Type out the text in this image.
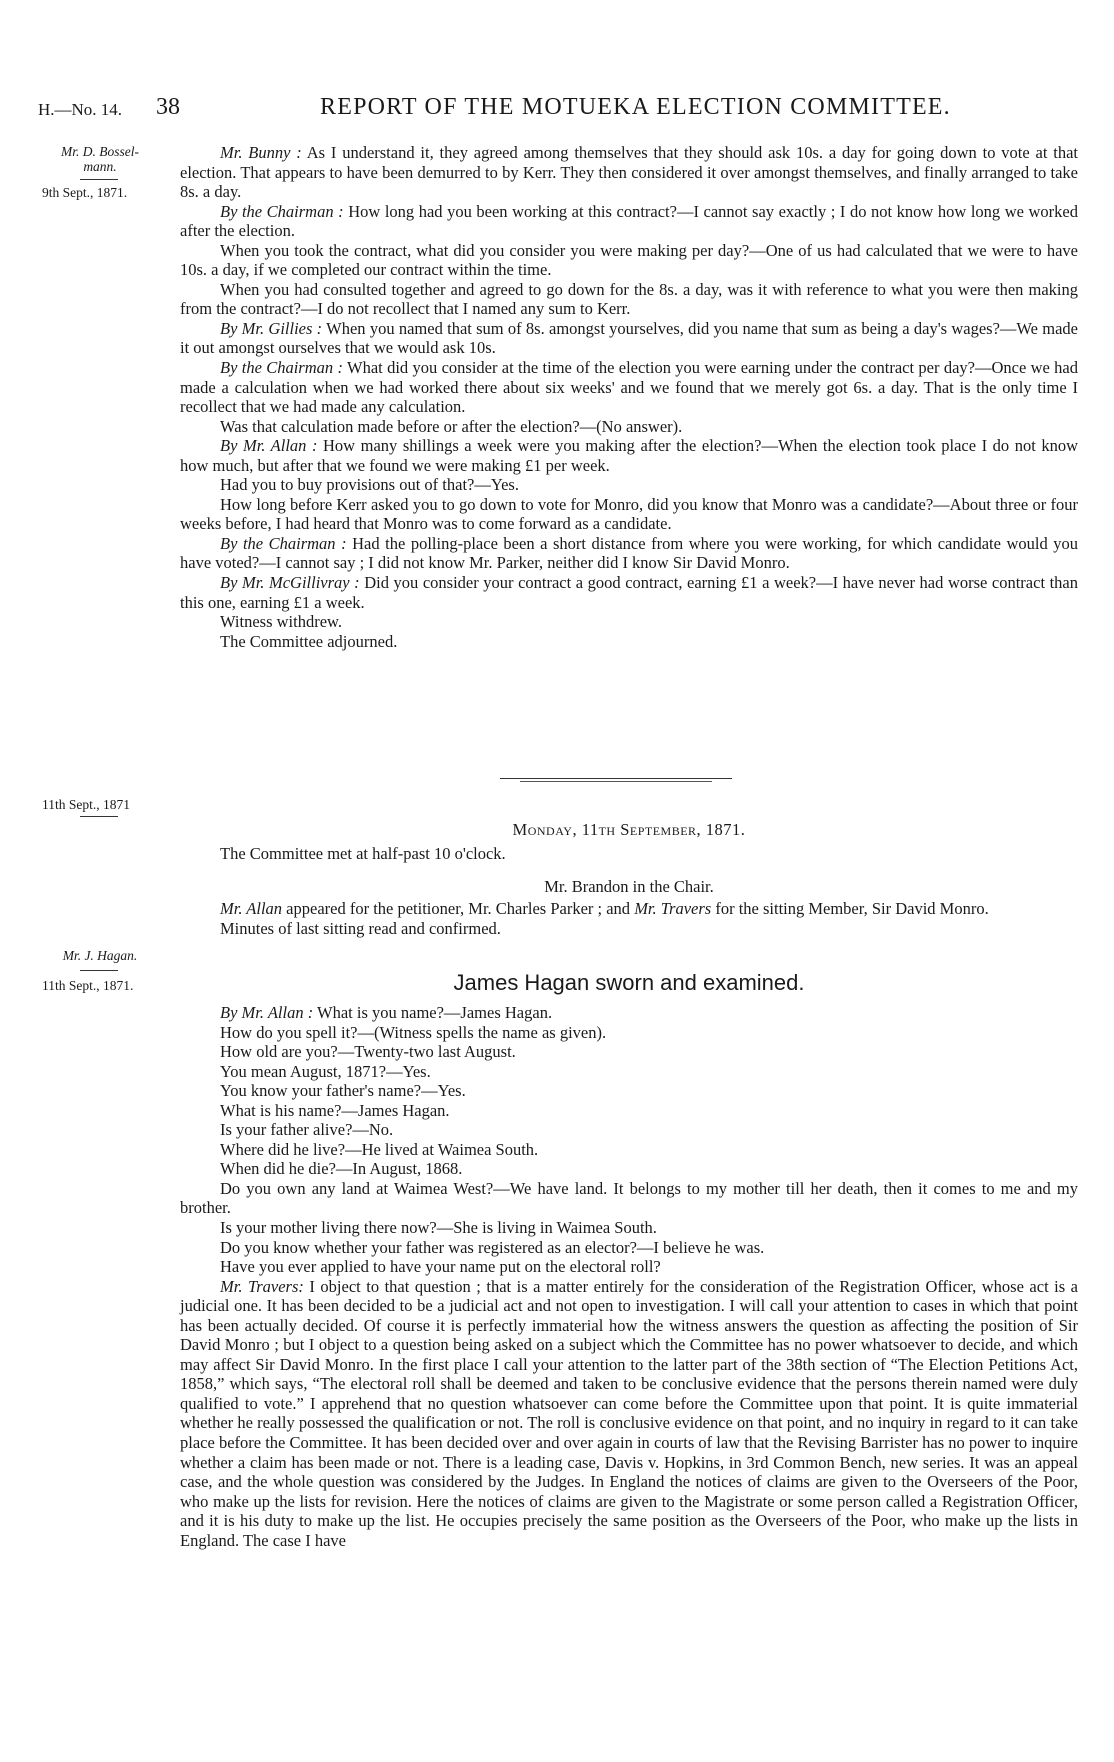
H.—No. 14. 38	REPORT OF THE MOTUEKA ELECTION COMMITTEE.
Mr. D. Bossel-
mann.
9th Sept., 1871.
11th Sept., 1871
Mr. J. Hagan.
11th Sept., 1871.

Mr. Bunny : As I understand it, they agreed among themselves that they should ask 10s. a day for going down to vote at that election. That appears to have been demurred to by Kerr. They then considered it over amongst themselves, and finally arranged to take 8s. a day.

By the Chairman : How long had you been working at this contract?—I cannot say exactly ; I do not know how long we worked after the election.

When you took the contract, what did you consider you were making per day?—One of us had calculated that we were to have 10s. a day, if we completed our contract within the time.

When you had consulted together and agreed to go down for the 8s. a day, was it with reference to what you were then making from the contract?—I do not recollect that I named any sum to Kerr.

By Mr. Gillies : When you named that sum of 8s. amongst yourselves, did you name that sum as being a day's wages?—We made it out amongst ourselves that we would ask 10s.

By the Chairman : What did you consider at the time of the election you were earning under the contract per day?—Once we had made a calculation when we had worked there about six weeks' and we found that we merely got 6s. a day. That is the only time I recollect that we had made any calculation.

Was that calculation made before or after the election?—(No answer).

By Mr. Allan : How many shillings a week were you making after the election?—When the election took place I do not know how much, but after that we found we were making £1 per week.

Had you to buy provisions out of that?—Yes.

How long before Kerr asked you to go down to vote for Monro, did you know that Monro was a candidate?—About three or four weeks before, I had heard that Monro was to come forward as a candidate.

By the Chairman : Had the polling-place been a short distance from where you were working, for which candidate would you have voted?—I cannot say ; I did not know Mr. Parker, neither did I know Sir David Monro.

By Mr. McGillivray : Did you consider your contract a good contract, earning £1 a week?—I have never had worse contract than this one, earning £1 a week.

Witness withdrew.

The Committee adjourned.

Monday, 11th September, 1871.

The Committee met at half-past 10 o'clock.

Mr. Brandon in the Chair.

Mr. Allan appeared for the petitioner, Mr. Charles Parker ; and Mr. Travers for the sitting Member, Sir David Monro.

Minutes of last sitting read and confirmed.

James Hagan sworn and examined.

By Mr. Allan : What is you name?—James Hagan.

How do you spell it?—(Witness spells the name as given).

How old are you?—Twenty-two last August.

You mean August, 1871?—Yes.

You know your father's name?—Yes.

What is his name?—James Hagan.

Is your father alive?—No.

Where did he live?—He lived at Waimea South.

When did he die?—In August, 1868.

Do you own any land at Waimea West?—We have land. It belongs to my mother till her death, then it comes to me and my brother.

Is your mother living there now?—She is living in Waimea South.

Do you know whether your father was registered as an elector?—I believe he was.

Have you ever applied to have your name put on the electoral roll?

Mr. Travers: I object to that question ; that is a matter entirely for the consideration of the Registration Officer, whose act is a judicial one. It has been decided to be a judicial act and not open to investigation. I will call your attention to cases in which that point has been actually decided. Of course it is perfectly immaterial how the witness answers the question as affecting the position of Sir David Monro ; but I object to a question being asked on a subject which the Committee has no power whatsoever to decide, and which may affect Sir David Monro. In the first place I call your attention to the latter part of the 38th section of “The Election Petitions Act, 1858,” which says, “The electoral roll shall be deemed and taken to be conclusive evidence that the persons therein named were duly qualified to vote.” I apprehend that no question whatsoever can come before the Committee upon that point. It is quite immaterial whether he really possessed the qualification or not. The roll is conclusive evidence on that point, and no inquiry in regard to it can take place before the Committee. It has been decided over and over again in courts of law that the Revising Barrister has no power to inquire whether a claim has been made or not. There is a leading case, Davis v. Hopkins, in 3rd Common Bench, new series. It was an appeal case, and the whole question was considered by the Judges. In England the notices of claims are given to the Overseers of the Poor, who make up the lists for revision. Here the notices of claims are given to the Magistrate or some person called a Registration Officer, and it is his duty to make up the list. He occupies precisely the same position as the Overseers of the Poor, who make up the lists in England. The case I have
